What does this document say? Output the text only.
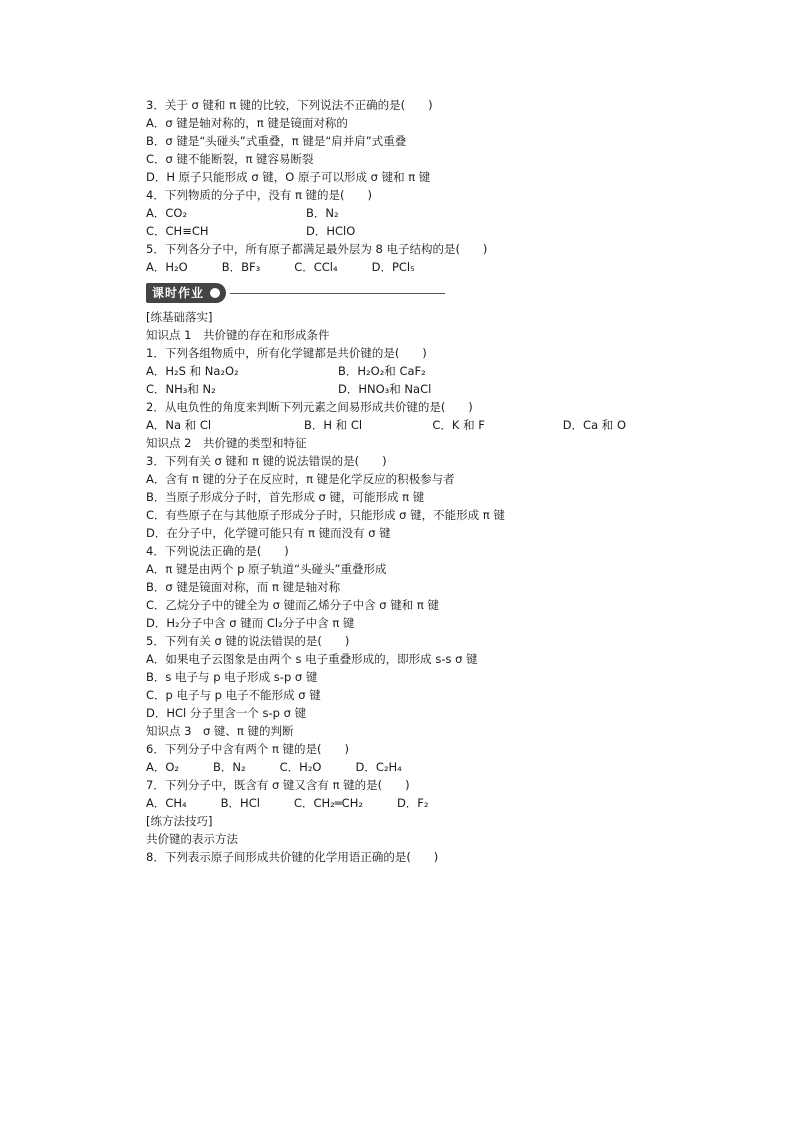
3．关于 σ 键和 π 键的比较，下列说法不正确的是(　　)
A．σ 键是轴对称的，π 键是镜面对称的
B．σ 键是“头碰头”式重叠，π 键是“肩并肩”式重叠
C．σ 键不能断裂，π 键容易断裂
D．H 原子只能形成 σ 键，O 原子可以形成 σ 键和 π 键
4．下列物质的分子中，没有 π 键的是(　　)
A．CO₂	B．N₂
C．CH≡CH	D．HClO
5．下列各分子中，所有原子都满足最外层为 8 电子结构的是(　　)
A．H₂O	B．BF₃	C．CCl₄	D．PCl₅
课时作业
[练基础落实]
知识点 1　共价键的存在和形成条件
1．下列各组物质中，所有化学键都是共价键的是(　　)
A．H₂S 和 Na₂O₂	B．H₂O₂和 CaF₂
C．NH₃和 N₂	D．HNO₃和 NaCl
2．从电负性的角度来判断下列元素之间易形成共价键的是(　　)
A．Na 和 Cl	B．H 和 Cl	C．K 和 F	D．Ca 和 O
知识点 2　共价键的类型和特征
3．下列有关 σ 键和 π 键的说法错误的是(　　)
A．含有 π 键的分子在反应时，π 键是化学反应的积极参与者
B．当原子形成分子时，首先形成 σ 键，可能形成 π 键
C．有些原子在与其他原子形成分子时，只能形成 σ 键，不能形成 π 键
D．在分子中，化学键可能只有 π 键而没有 σ 键
4．下列说法正确的是(　　)
A．π 键是由两个 p 原子轨道“头碰头”重叠形成
B．σ 键是镜面对称，而 π 键是轴对称
C．乙烷分子中的键全为 σ 键而乙烯分子中含 σ 键和 π 键
D．H₂分子中含 σ 键而 Cl₂分子中含 π 键
5．下列有关 σ 键的说法错误的是(　　)
A．如果电子云图象是由两个 s 电子重叠形成的，即形成 s-s σ 键
B．s 电子与 p 电子形成 s-p σ 键
C．p 电子与 p 电子不能形成 σ 键
D．HCl 分子里含一个 s-p σ 键
知识点 3　σ 键、π 键的判断
6．下列分子中含有两个 π 键的是(　　)
A．O₂	B．N₂	C．H₂O	D．C₂H₄
7．下列分子中，既含有 σ 键又含有 π 键的是(　　)
A．CH₄	B．HCl	C．CH₂═CH₂	D．F₂
[练方法技巧]
共价键的表示方法
8．下列表示原子间形成共价键的化学用语正确的是(　　)
